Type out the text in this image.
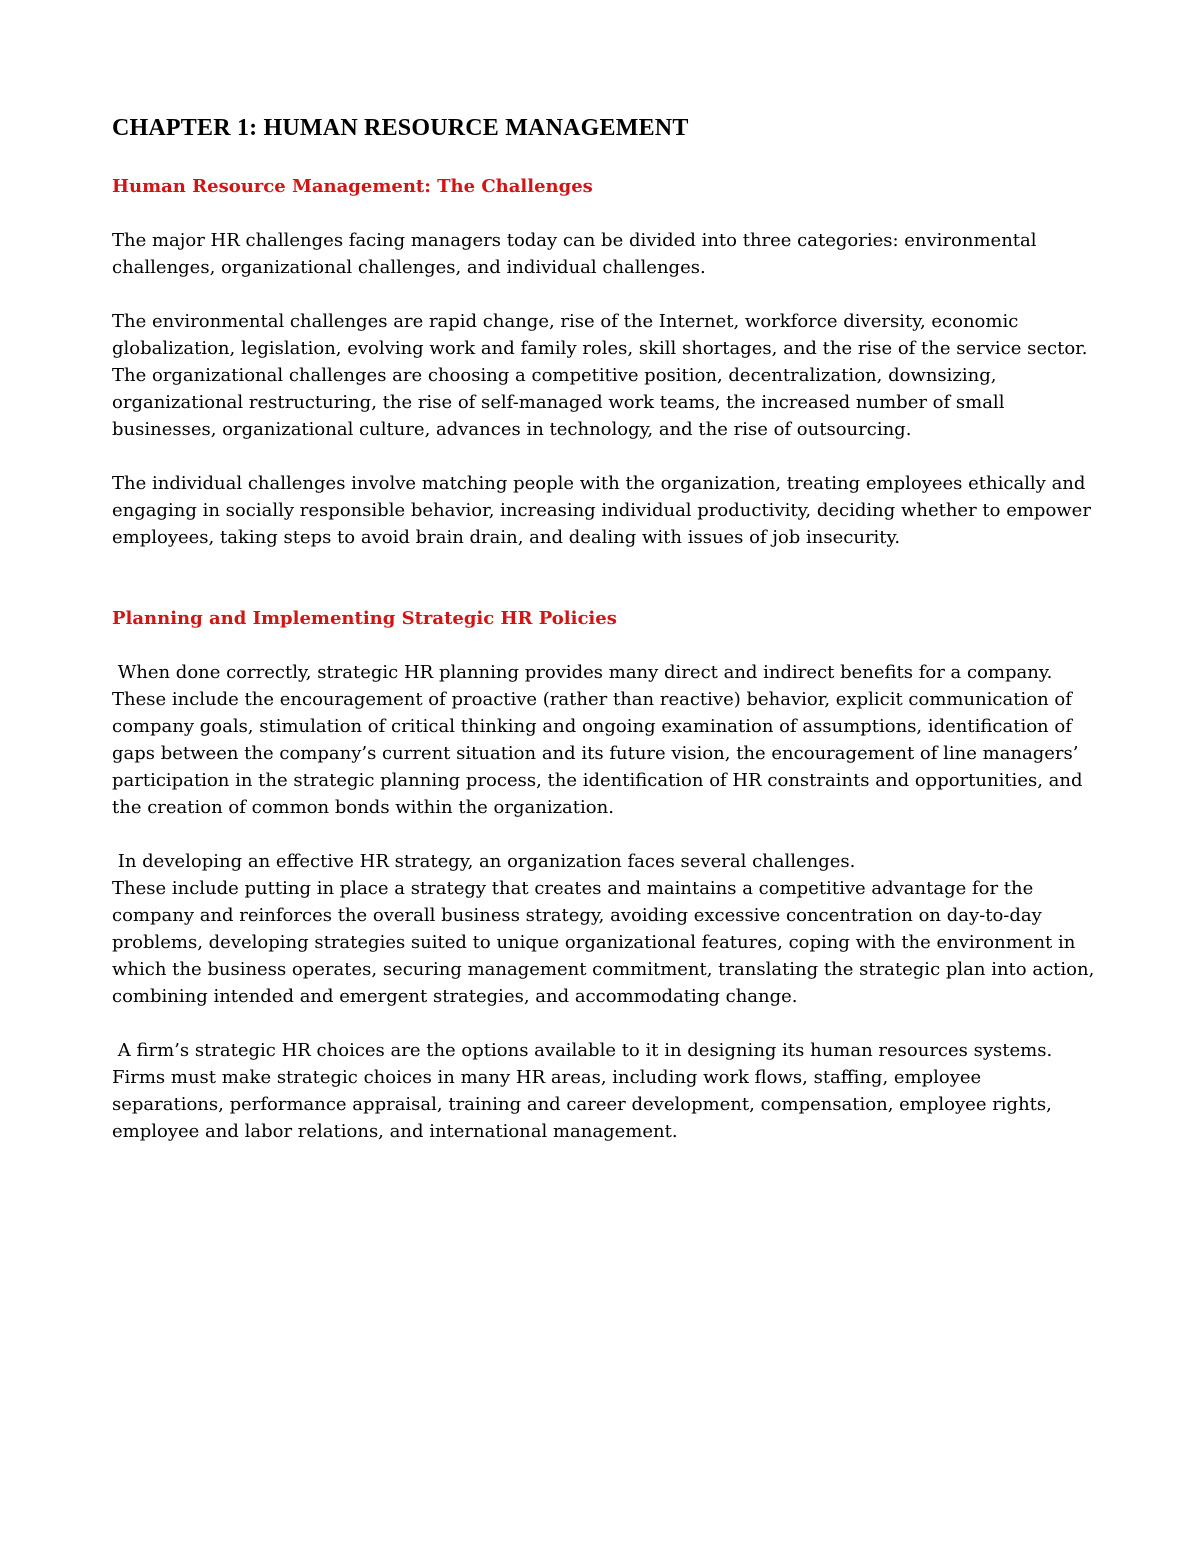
CHAPTER 1: HUMAN RESOURCE MANAGEMENT
Human Resource Management: The Challenges

The major HR challenges facing managers today can be divided into three categories: environmental challenges, organizational challenges, and individual challenges.

The environmental challenges are rapid change, rise of the Internet, workforce diversity, economic globalization, legislation, evolving work and family roles, skill shortages, and the rise of the service sector. The organizational challenges are choosing a competitive position, decentralization, downsizing, organizational restructuring, the rise of self-managed work teams, the increased number of small businesses, organizational culture, advances in technology, and the rise of outsourcing.

The individual challenges involve matching people with the organization, treating employees ethically and engaging in socially responsible behavior, increasing individual productivity, deciding whether to empower employees, taking steps to avoid brain drain, and dealing with issues of job insecurity.

Planning and Implementing Strategic HR Policies

When done correctly, strategic HR planning provides many direct and indirect benefits for a company. These include the encouragement of proactive (rather than reactive) behavior, explicit communication of company goals, stimulation of critical thinking and ongoing examination of assumptions, identification of gaps between the company’s current situation and its future vision, the encouragement of line managers’ participation in the strategic planning process, the identification of HR constraints and opportunities, and the creation of common bonds within the organization.

In developing an effective HR strategy, an organization faces several challenges.

These include putting in place a strategy that creates and maintains a competitive advantage for the company and reinforces the overall business strategy, avoiding excessive concentration on day-to-day problems, developing strategies suited to unique organizational features, coping with the environment in which the business operates, securing management commitment, translating the strategic plan into action, combining intended and emergent strategies, and accommodating change.

A firm’s strategic HR choices are the options available to it in designing its human resources systems. Firms must make strategic choices in many HR areas, including work flows, staffing, employee separations, performance appraisal, training and career development, compensation, employee rights, employee and labor relations, and international management.
